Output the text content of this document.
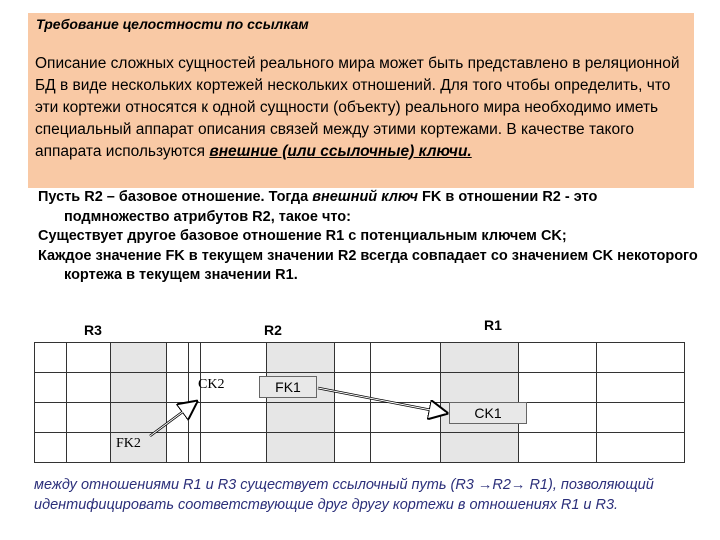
Требование целостности по ссылкам
Описание сложных сущностей реального мира может быть представлено в реляционной БД в виде нескольких кортежей нескольких отношений. Для того чтобы определить, что эти кортежи относятся к одной сущности (объекту) реального мира необходимо иметь специальный аппарат описания связей между этими кортежами. В качестве такого аппарата используются внешние (или ссылочные) ключи.

Пусть R2 – базовое отношение. Тогда внешний ключ FK в отношении R2 - это подмножество атрибутов R2, такое что:

Существует другое базовое отношение R1 с потенциальным ключем CK;

Каждое значение FK в текущем значении R2 всегда совпадает со значением CK некоторого кортежа в текущем значении R1.

R3	R2	R1
CK2	FK1
CK1
FK2
между отношениями R1 и R3 существует ссылочный путь (R3 →R2→ R1), позволяющий идентифицировать соответствующие друг другу кортежи в отношениях R1 и R3.
